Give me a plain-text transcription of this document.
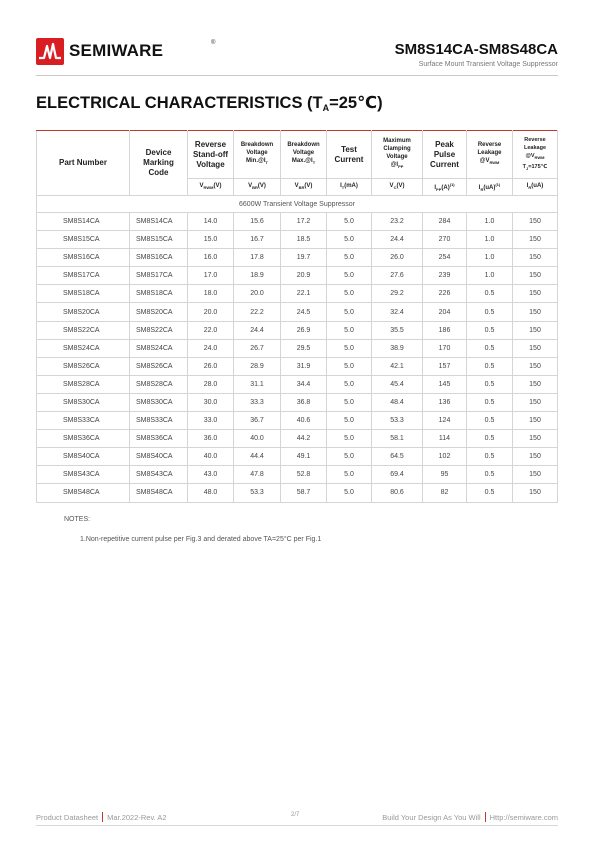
SEMIWARE	®	SM8S14CA-SM8S48CA
Surface Mount Transient Voltage Suppressor
ELECTRICAL CHARACTERISTICS $(T_A=25℃)$
Part Number	Device
Marking
Code	Reverse
Stand-off
Voltage	Breakdown
Voltage
$Min.@I_T$	Breakdown
Voltage
$Max.@I_T$	Test
Current	Maximum
Clamping
Voltage
$@I_{PP}$	Peak
Pulse
Current	Reverse
Leakage
$@V_{RWM}$	Reverse
Leakage
$@V_{RWM}$
$T_J=175℃$
		$V_{RWM}(V)$	$V_{BR}(V)$	$V_{BR}(V)$	$I_T(mA)$	$V_C(V)$	$I_{PP}(A)^{(1)}$	$I_R(uA)^{(1)}$	$I_R(uA)$
6600W Transient Voltage Suppressor									
SM8S14CA	SM8S14CA	14.0	15.6	17.2	5.0	23.2	284	1.0	150
SM8S15CA	SM8S15CA	15.0	16.7	18.5	5.0	24.4	270	1.0	150
SM8S16CA	SM8S16CA	16.0	17.8	19.7	5.0	26.0	254	1.0	150
SM8S17CA	SM8S17CA	17.0	18.9	20.9	5.0	27.6	239	1.0	150
SM8S18CA	SM8S18CA	18.0	20.0	22.1	5.0	29.2	226	0.5	150
SM8S20CA	SM8S20CA	20.0	22.2	24.5	5.0	32.4	204	0.5	150
SM8S22CA	SM8S22CA	22.0	24.4	26.9	5.0	35.5	186	0.5	150
SM8S24CA	SM8S24CA	24.0	26.7	29.5	5.0	38.9	170	0.5	150
SM8S26CA	SM8S26CA	26.0	28.9	31.9	5.0	42.1	157	0.5	150
SM8S28CA	SM8S28CA	28.0	31.1	34.4	5.0	45.4	145	0.5	150
SM8S30CA	SM8S30CA	30.0	33.3	36.8	5.0	48.4	136	0.5	150
SM8S33CA	SM8S33CA	33.0	36.7	40.6	5.0	53.3	124	0.5	150
SM8S36CA	SM8S36CA	36.0	40.0	44.2	5.0	58.1	114	0.5	150
SM8S40CA	SM8S40CA	40.0	44.4	49.1	5.0	64.5	102	0.5	150
SM8S43CA	SM8S43CA	43.0	47.8	52.8	5.0	69.4	95	0.5	150
SM8S48CA	SM8S48CA	48.0	53.3	58.7	5.0	80.6	82	0.5	150
NOTES:
1.Non-repetitive current pulse per Fig.3 and derated above TA=25°C per Fig.1
Product Datasheet Mar.2022-Rev. A2	2/7	Build Your Design As You Will Http://semiware.com
